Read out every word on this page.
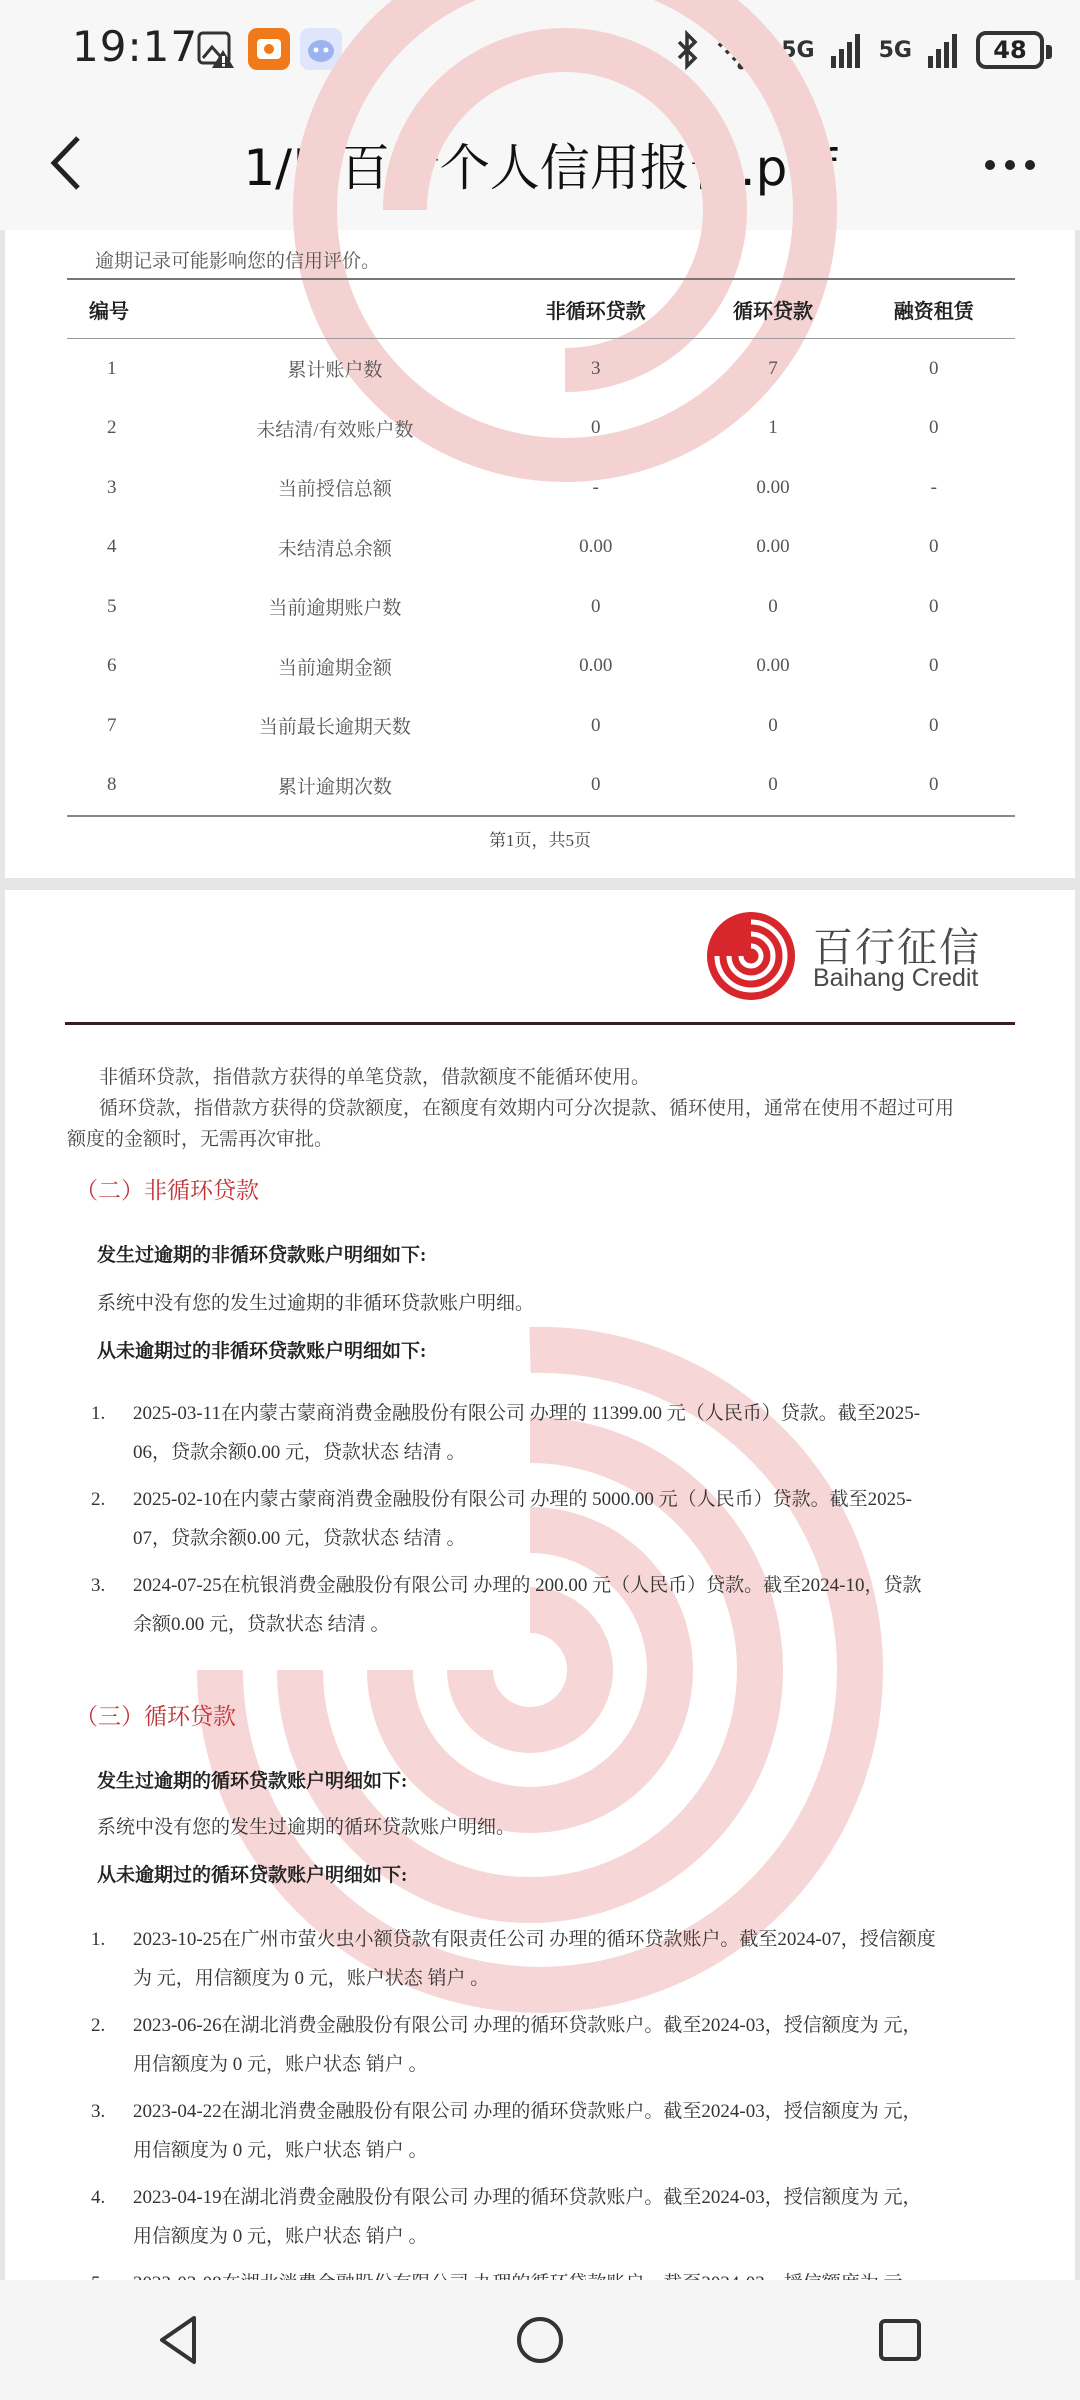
19:17	5G	5G	48
1/5 百行个人信用报告.pdf
逾期记录可能影响您的信用评价。
编号		非循环贷款	循环贷款	融资租赁
1	累计账户数	3	7	0
2	未结清/有效账户数	0	1	0
3	当前授信总额	-	0.00	-
4	未结清总余额	0.00	0.00	0
5	当前逾期账户数	0	0	0
6	当前逾期金额	0.00	0.00	0
7	当前最长逾期天数	0	0	0
8	累计逾期次数	0	0	0
第1页，共5页
百行征信
Baihang Credit
非循环贷款，指借款方获得的单笔贷款，借款额度不能循环使用。
循环贷款，指借款方获得的贷款额度，在额度有效期内可分次提款、循环使用，通常在使用不超过可用
额度的金额时，无需再次审批。
（二）非循环贷款
发生过逾期的非循环贷款账户明细如下:
系统中没有您的发生过逾期的非循环贷款账户明细。
从未逾期过的非循环贷款账户明细如下:
1. 2025-03-11在内蒙古蒙商消费金融股份有限公司 办理的 11399.00 元（人民币）贷款。截至2025-
06，贷款余额0.00 元，贷款状态 结清 。
2. 2025-02-10在内蒙古蒙商消费金融股份有限公司 办理的 5000.00 元（人民币）贷款。截至2025-
07，贷款余额0.00 元，贷款状态 结清 。
3. 2024-07-25在杭银消费金融股份有限公司 办理的 200.00 元（人民币）贷款。截至2024-10，贷款
余额0.00 元，贷款状态 结清 。
（三）循环贷款
发生过逾期的循环贷款账户明细如下:
系统中没有您的发生过逾期的循环贷款账户明细。
从未逾期过的循环贷款账户明细如下:
1. 2023-10-25在广州市萤火虫小额贷款有限责任公司 办理的循环贷款账户。截至2024-07，授信额度
为 元，用信额度为 0 元，账户状态 销户 。
2. 2023-06-26在湖北消费金融股份有限公司 办理的循环贷款账户。截至2024-03，授信额度为 元，
用信额度为 0 元，账户状态 销户 。
3. 2023-04-22在湖北消费金融股份有限公司 办理的循环贷款账户。截至2024-03，授信额度为 元，
用信额度为 0 元，账户状态 销户 。
4. 2023-04-19在湖北消费金融股份有限公司 办理的循环贷款账户。截至2024-03，授信额度为 元，
用信额度为 0 元，账户状态 销户 。
